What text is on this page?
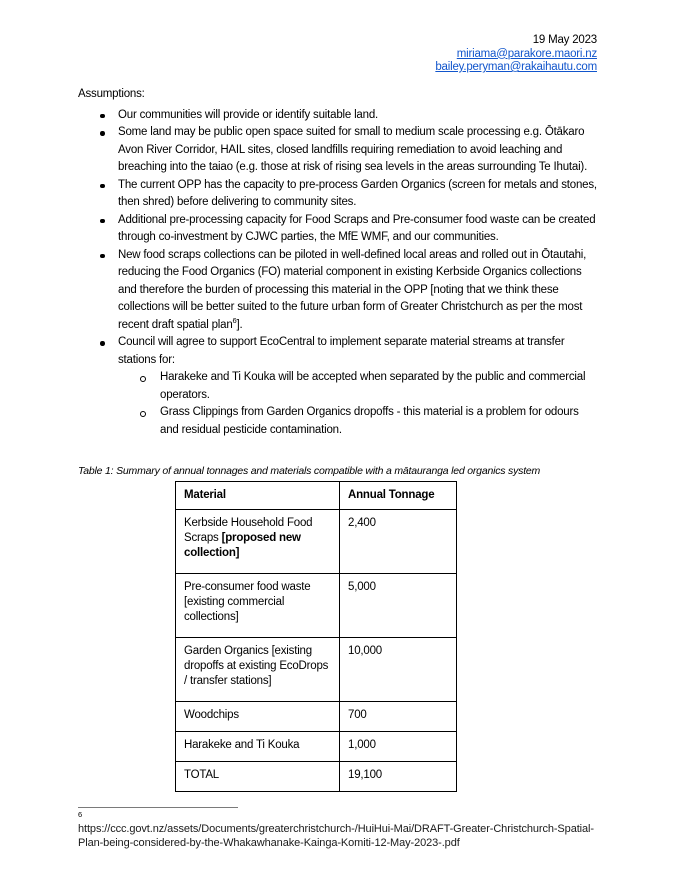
19 May 2023
miriama@parakore.maori.nz
bailey.peryman@rakaihautu.com

Assumptions:

Our communities will provide or identify suitable land.
Some land may be public open space suited for small to medium scale processing e.g. Ōtākaro Avon River Corridor, HAIL sites, closed landfills requiring remediation to avoid leaching and breaching into the taiao (e.g. those at risk of rising sea levels in the areas surrounding Te Ihutai).
The current OPP has the capacity to pre-process Garden Organics (screen for metals and stones, then shred) before delivering to community sites.
Additional pre-processing capacity for Food Scraps and Pre-consumer food waste can be created through co-investment by CJWC parties, the MfE WMF, and our communities.
New food scraps collections can be piloted in well-defined local areas and rolled out in Ōtautahi, reducing the Food Organics (FO) material component in existing Kerbside Organics collections and therefore the burden of processing this material in the OPP [noting that we think these collections will be better suited to the future urban form of Greater Christchurch as per the most recent draft spatial plan$^6$].
Council will agree to support EcoCentral to implement separate material streams at transfer stations for:
Harakeke and Ti Kouka will be accepted when separated by the public and commercial operators.
Grass Clippings from Garden Organics dropoffs - this material is a problem for odours and residual pesticide contamination.

Table 1: Summary of annual tonnages and materials compatible with a mātauranga led organics system

Material	Annual Tonnage
Kerbside Household Food Scraps [proposed new collection]	2,400
Pre-consumer food waste [existing commercial collections]	5,000
Garden Organics [existing dropoffs at existing EcoDrops / transfer stations]	10,000
Woodchips	700
Harakeke and Ti Kouka	1,000
TOTAL	19,100
6

https://ccc.govt.nz/assets/Documents/greaterchristchurch-/HuiHui-Mai/DRAFT-Greater-Christchurch-Spatial-Plan-being-considered-by-the-Whakawhanake-Kainga-Komiti-12-May-2023-.pdf
